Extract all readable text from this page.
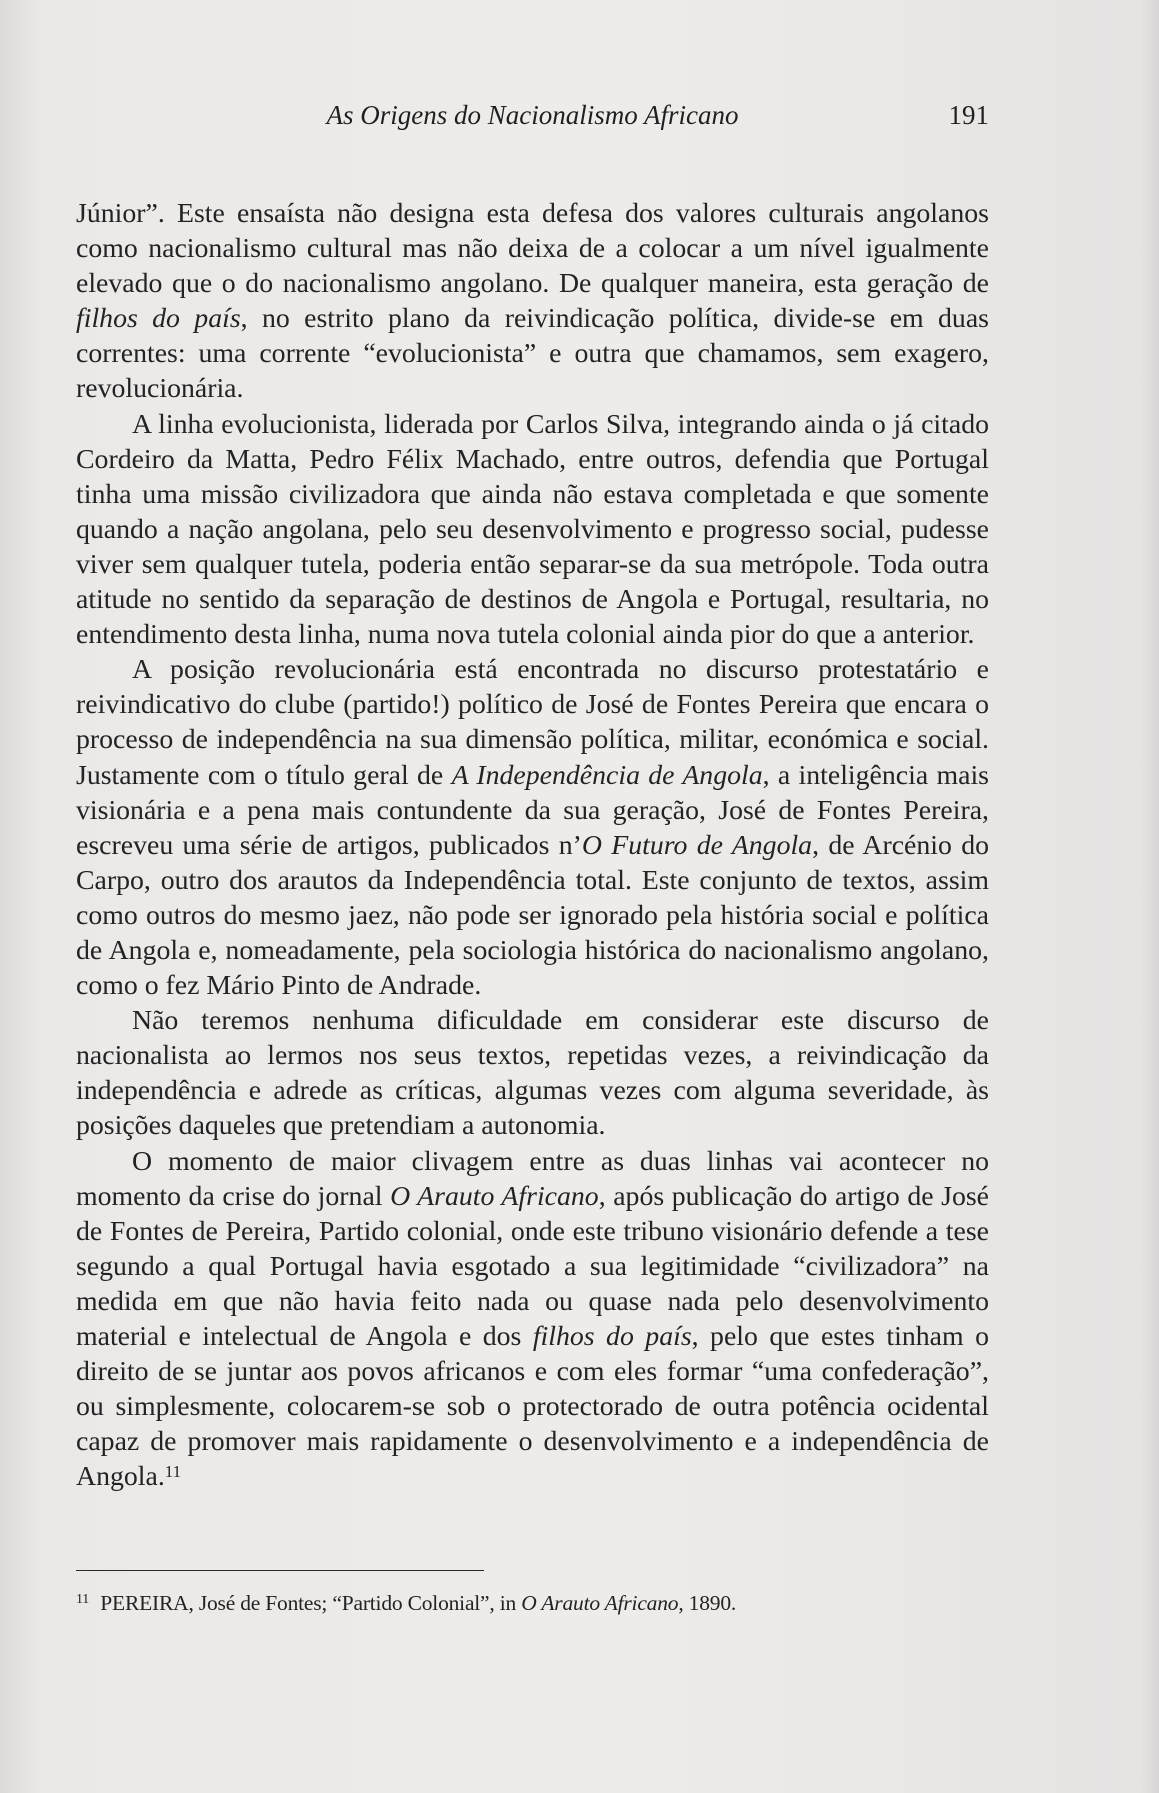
As Origens do Nacionalismo Africano	191

Júnior”. Este ensaísta não designa esta defesa dos valores culturais angolanos como nacionalismo cultural mas não deixa de a colocar a um nível igualmente elevado que o do nacionalismo angolano. De qualquer maneira, esta geração de filhos do país, no estrito plano da reivindicação política, divide-se em duas correntes: uma corrente “evolucionista” e outra que chamamos, sem exagero, revolucionária.

A linha evolucionista, liderada por Carlos Silva, integrando ainda o já citado Cordeiro da Matta, Pedro Félix Machado, entre outros, defendia que Portugal tinha uma missão civilizadora que ainda não estava completada e que somente quando a nação angolana, pelo seu desenvolvimento e progresso social, pudesse viver sem qualquer tutela, poderia então separar-se da sua metrópole. Toda outra atitude no sentido da separação de destinos de Angola e Portugal, resultaria, no entendimento desta linha, numa nova tutela colonial ainda pior do que a anterior.

A posição revolucionária está encontrada no discurso protestatário e reivindicativo do clube (partido!) político de José de Fontes Pereira que encara o processo de independência na sua dimensão política, militar, económica e social. Justamente com o título geral de A Independência de Angola, a inteligência mais visionária e a pena mais contundente da sua geração, José de Fontes Pereira, escreveu uma série de artigos, publicados n’O Futuro de Angola, de Arcénio do Carpo, outro dos arautos da Independência total. Este conjunto de textos, assim como outros do mesmo jaez, não pode ser ignorado pela história social e política de Angola e, nomeadamente, pela sociologia histórica do nacionalismo angolano, como o fez Mário Pinto de Andrade.

Não teremos nenhuma dificuldade em considerar este discurso de nacionalista ao lermos nos seus textos, repetidas vezes, a reivindicação da independência e adrede as críticas, algumas vezes com alguma severidade, às posições daqueles que pretendiam a autonomia.

O momento de maior clivagem entre as duas linhas vai acontecer no momento da crise do jornal O Arauto Africano, após publicação do artigo de José de Fontes de Pereira, Partido colonial, onde este tribuno visionário defende a tese segundo a qual Portugal havia esgotado a sua legitimidade “civilizadora” na medida em que não havia feito nada ou quase nada pelo desenvolvimento material e intelectual de Angola e dos filhos do país, pelo que estes tinham o direito de se juntar aos povos africanos e com eles formar “uma confederação”, ou simplesmente, colocarem-se sob o protectorado de outra potência ocidental capaz de promover mais rapidamente o desenvolvimento e a independência de Angola.$^{11}$

$^{11}$ PEREIRA, José de Fontes; “Partido Colonial”, in O Arauto Africano, 1890.
